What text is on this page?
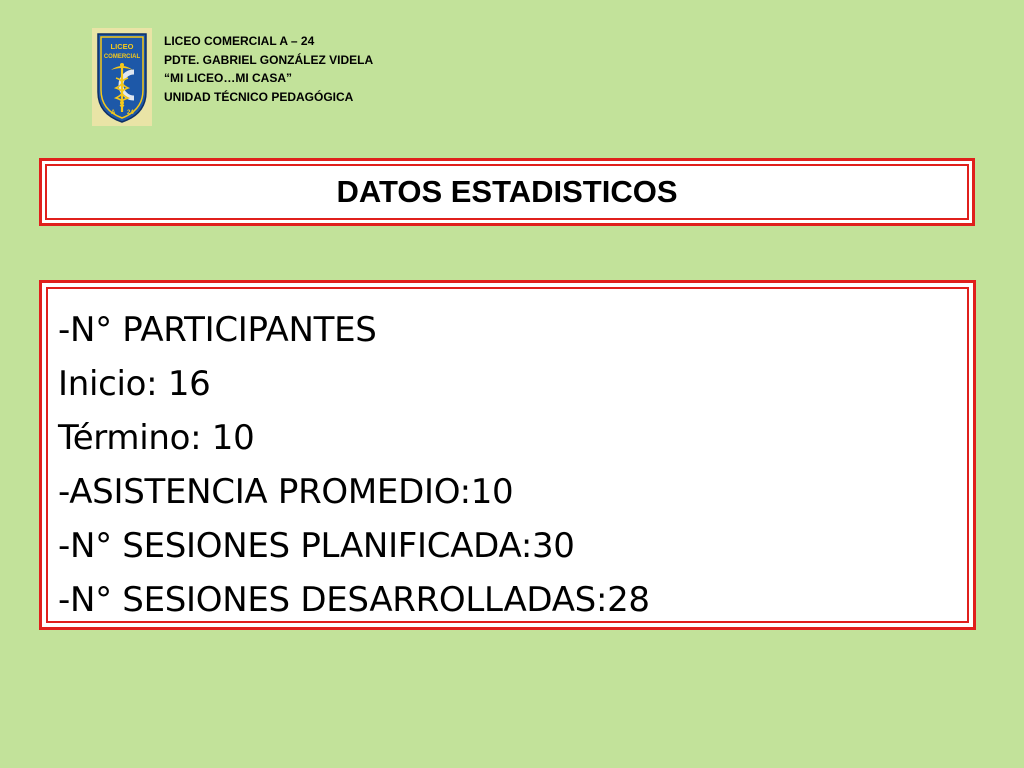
LICEO
COMERCIAL
A 24
LICEO COMERCIAL A – 24
PDTE. GABRIEL GONZÁLEZ VIDELA
“MI LICEO…MI CASA”
UNIDAD TÉCNICO PEDAGÓGICA
DATOS ESTADISTICOS
-N° PARTICIPANTES
Inicio: 16
Término: 10
-ASISTENCIA PROMEDIO:10
-N° SESIONES PLANIFICADA:30
-N° SESIONES DESARROLLADAS:28
